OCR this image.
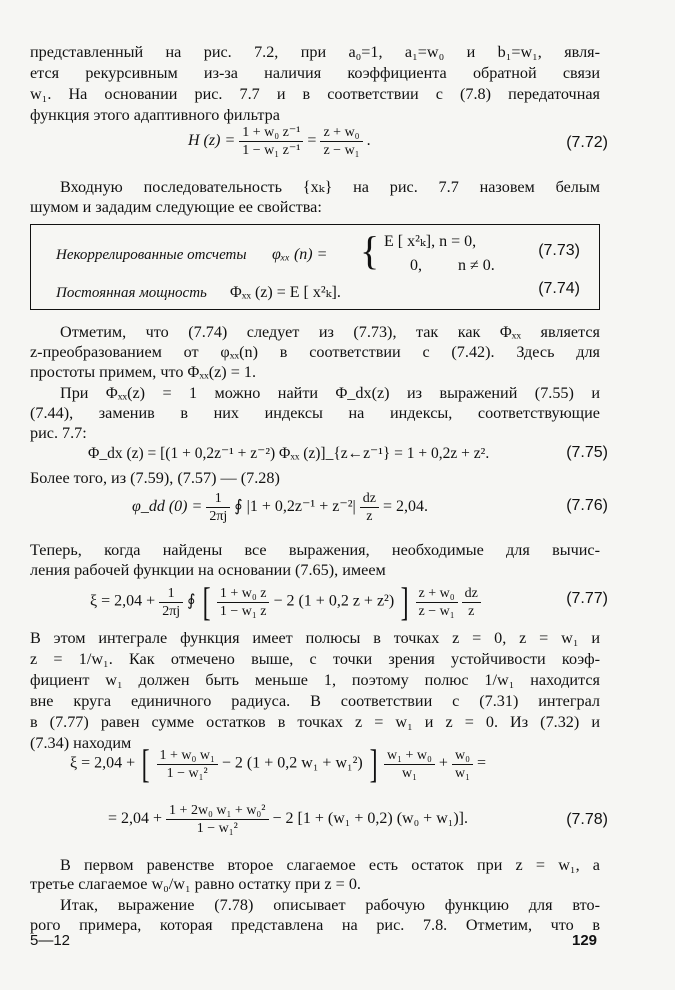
представленный на рис. 7.2, при a₀=1, a₁=w₀ и b₁=w₁, явля-
ется рекурсивным из-за наличия коэффициента обратной связи
w₁. На основании рис. 7.7 и в соответствии с (7.8) передаточная
функция этого адаптивного фильтра
H $(z) = \frac{\text{1 + w₀ z⁻¹}}{\text{1 − w₁ z⁻¹}} = \frac{\text{z + w₀}}{\text{z − w₁}}$ .	(7.72)
Входную последовательность {xₖ} на рис. 7.7 назовем белым
шумом и зададим следующие ее свойства:
Некоррелированные отсчеты φₓₓ (n) = { E [ x²ₖ], n = 0,
0,         n ≠ 0.
(7.73)
Постоянная мощность Φₓₓ (z) = E [ x²ₖ].	(7.74)
Отметим, что (7.74) следует из (7.73), так как Φₓₓ является
z-преобразованием от φₓₓ(n) в соответствии с (7.42). Здесь для
простоты примем, что Φₓₓ(z) = 1.
При Φₓₓ(z) = 1 можно найти Φ_dx(z) из выражений (7.55) и
(7.44), заменив в них индексы на индексы, соответствующие
рис. 7.7:
Φ_dx (z) = [(1 + 0,2z⁻¹ + z⁻²) Φₓₓ (z)]_{z←z⁻¹} = 1 + 0,2z + z².	(7.75)
Более того, из (7.59), (7.57) — (7.28)
φ_dd $(0) = \frac{1}{2\pi j}$ ∮ $|1 + 0,2z^{-1} + z^{-2}| \frac{dz}{z} = 2,04$.	(7.76)
Теперь, когда найдены все выражения, необходимые для вычис-
ления рабочей функции на основании (7.65), имеем
$\xi = 2,04 + \frac{1}{2\pi j}$ ∮ [ $\frac{\text{1 + w₀ z}}{\text{1 − w₁ z}} - 2$ (1 + 0,2 z + z²) ] $\frac{\text{z + w₀}}{\text{z − w₁}}$
$\frac{dz}{z}$	(7.77)
В этом интеграле функция имеет полюсы в точках z = 0, z = w₁ и
z = 1/w₁. Как отмечено выше, с точки зрения устойчивости коэф-
фициент w₁ должен быть меньше 1, поэтому полюс 1/w₁ находится
вне круга единичного радиуса. В соответствии с (7.31) интеграл
в (7.77) равен сумме остатков в точках z = w₁ и z = 0. Из (7.32) и
(7.34) находим
ξ = 2,04 + [ $\frac{\text{1 + w₀ w₁}}{\text{1 − w₁²}} - 2$ (1 + 0,2 w₁ + w₁²) ] $\frac{\text{w₁ + w₀}}{\text{w₁}} + \frac{\text{w₀}}{\text{w₁}}$ =
= $2,04 + \frac{\text{1 + 2w₀ w₁ + w₀²}}{\text{1 − w₁²}} - 2$ [1 + (w₁ + 0,2) (w₀ + w₁)].	(7.78)
В первом равенстве второе слагаемое есть остаток при z = w₁, а
третье слагаемое w₀/w₁ равно остатку при z = 0.
Итак, выражение (7.78) описывает рабочую функцию для вто-
рого примера, которая представлена на рис. 7.8. Отметим, что в
5—12	129
